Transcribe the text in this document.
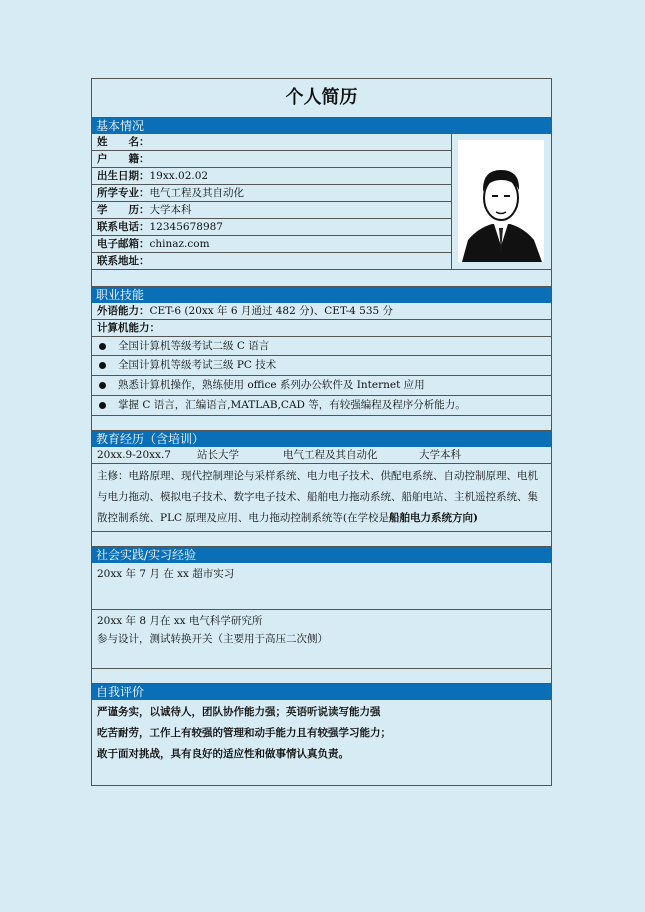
个人简历
基本情况
姓　　名：
户　　籍：
出生日期：19xx.02.02
所学专业：电气工程及其自动化
学　　历：大学本科
联系电话：12345678987
电子邮箱：chinaz.com
联系地址：
职业技能
外语能力：CET-6 (20xx 年 6 月通过 482 分)、CET-4 535 分
计算机能力：
全国计算机等级考试二级 C 语言
全国计算机等级考试三级 PC 技术
熟悉计算机操作，熟练使用 office 系列办公软件及 Internet 应用
掌握 C 语言，汇编语言,MATLAB,CAD 等，有较强编程及程序分析能力。
教育经历（含培训）
20xx.9-20xx.7 站长大学	电气工程及其自动化	大学本科
主修：电路原理、现代控制理论与采样系统、电力电子技术、供配电系统、自动控制原理、电机与电力拖动、模拟电子技术、数字电子技术、船舶电力拖动系统、船舶电站、主机遥控系统、集散控制系统、PLC 原理及应用、电力拖动控制系统等(在学校是船舶电力系统方向)
社会实践/实习经验
20xx 年 7 月 在 xx 超市实习
20xx 年 8 月在 xx 电气科学研究所
参与设计，测试转换开关（主要用于高压二次侧）
自我评价
严谨务实，以诚待人，团队协作能力强；英语听说读写能力强
吃苦耐劳，工作上有较强的管理和动手能力且有较强学习能力；
敢于面对挑战，具有良好的适应性和做事情认真负责。
